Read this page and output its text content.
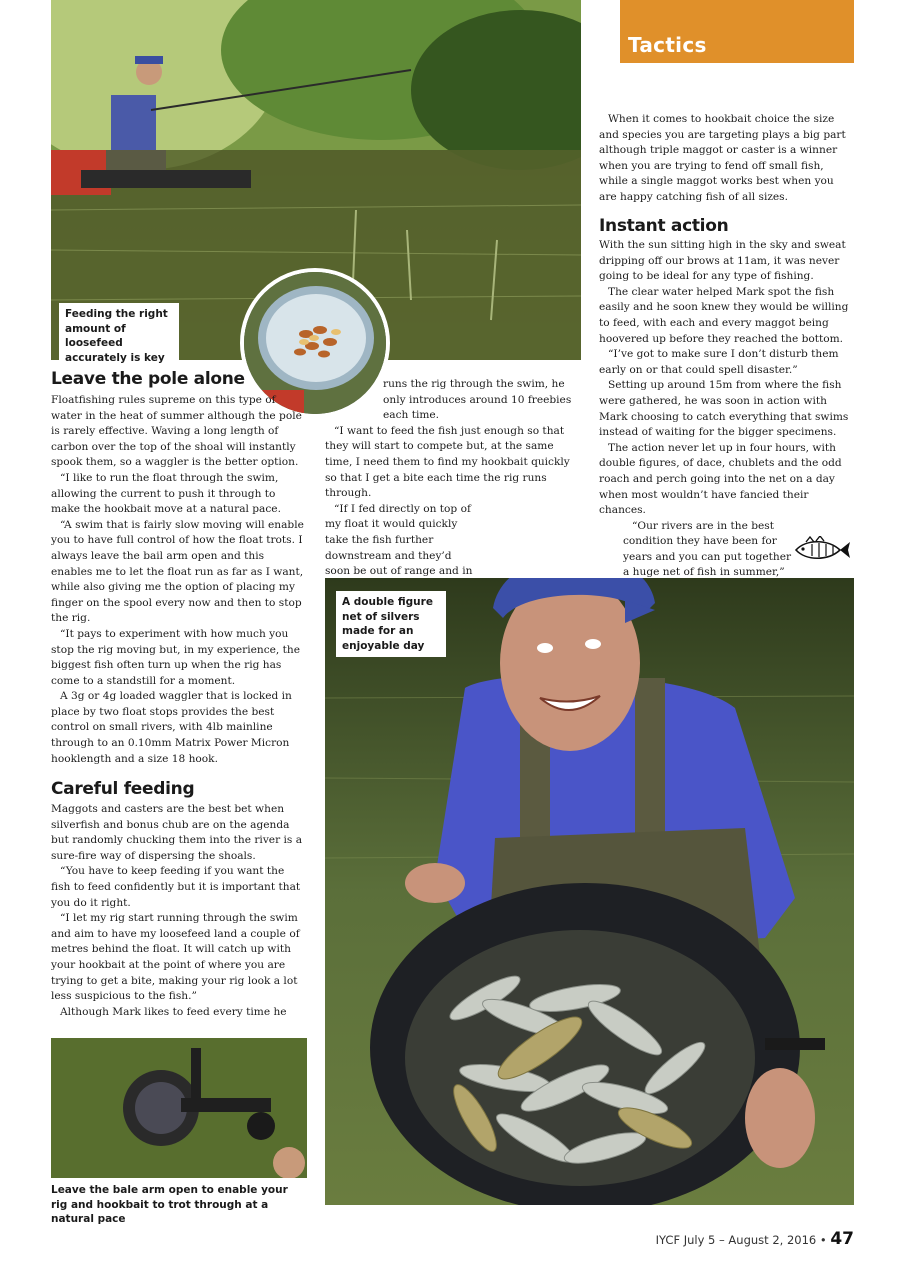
Tactics
Feeding the right amount of loosefeed accurately is key
Leave the pole alone

Floatfishing rules supreme on this type of water in the heat of summer although the pole is rarely effective. Waving a long length of carbon over the top of the shoal will instantly spook them, so a waggler is the better option.

“I like to run the float through the swim, allowing the current to push it through to make the hookbait move at a natural pace.

“A swim that is fairly slow moving will enable you to have full control of how the float trots. I always leave the bail arm open and this enables me to let the float run as far as I want, while also giving me the option of placing my finger on the spool every now and then to stop the rig.

“It pays to experiment with how much you stop the rig moving but, in my experience, the biggest fish often turn up when the rig has come to a standstill for a moment.

A 3g or 4g loaded waggler that is locked in place by two float stops provides the best control on small rivers, with 4lb mainline through to an 0.10mm Matrix Power Micron hooklength and a size 18 hook.

Careful feeding

Maggots and casters are the best bet when silverfish and bonus chub are on the agenda but randomly chucking them into the river is a sure-fire way of dispersing the shoals.

“You have to keep feeding if you want the fish to feed confidently but it is important that you do it right.

“I let my rig start running through the swim and aim to have my loosefeed land a couple of metres behind the float. It will catch up with your hookbait at the point of where you are trying to get a bite, making your rig look a lot less suspicious to the fish.”

Although Mark likes to feed every time he

Leave the bale arm open to enable your rig and hookbait to trot through at a natural pace

runs the rig through the swim, he only introduces around 10 freebies each time.

“I want to feed the fish just enough so that they will start to compete but, at the same time, I need them to find my hookbait quickly so that I get a bite each time the rig runs through.

“If I fed directly on top of my float it would quickly take the fish further downstream and they’d soon be out of range and in

When it comes to hookbait choice the size and species you are targeting plays a big part although triple maggot or caster is a winner when you are trying to fend off small fish, while a single maggot works best when you are happy catching fish of all sizes.

Instant action

With the sun sitting high in the sky and sweat dripping off our brows at 11am, it was never going to be ideal for any type of fishing.

The clear water helped Mark spot the fish easily and he soon knew they would be willing to feed, with each and every maggot being hoovered up before they reached the bottom.

“I’ve got to make sure I don’t disturb them early on or that could spell disaster.”

Setting up around 15m from where the fish were gathered, he was soon in action with Mark choosing to catch everything that swims instead of waiting for the bigger specimens.

The action never let up in four hours, with double figures, of dace, chublets and the odd roach and perch going into the net on a day when most wouldn’t have fancied their chances.

“Our rivers are in the best condition they have been for years and you can put together a huge net of fish in summer,”

A double figure net of silvers made for an enjoyable day
IYCF July 5 – August 2, 2016 • 47
